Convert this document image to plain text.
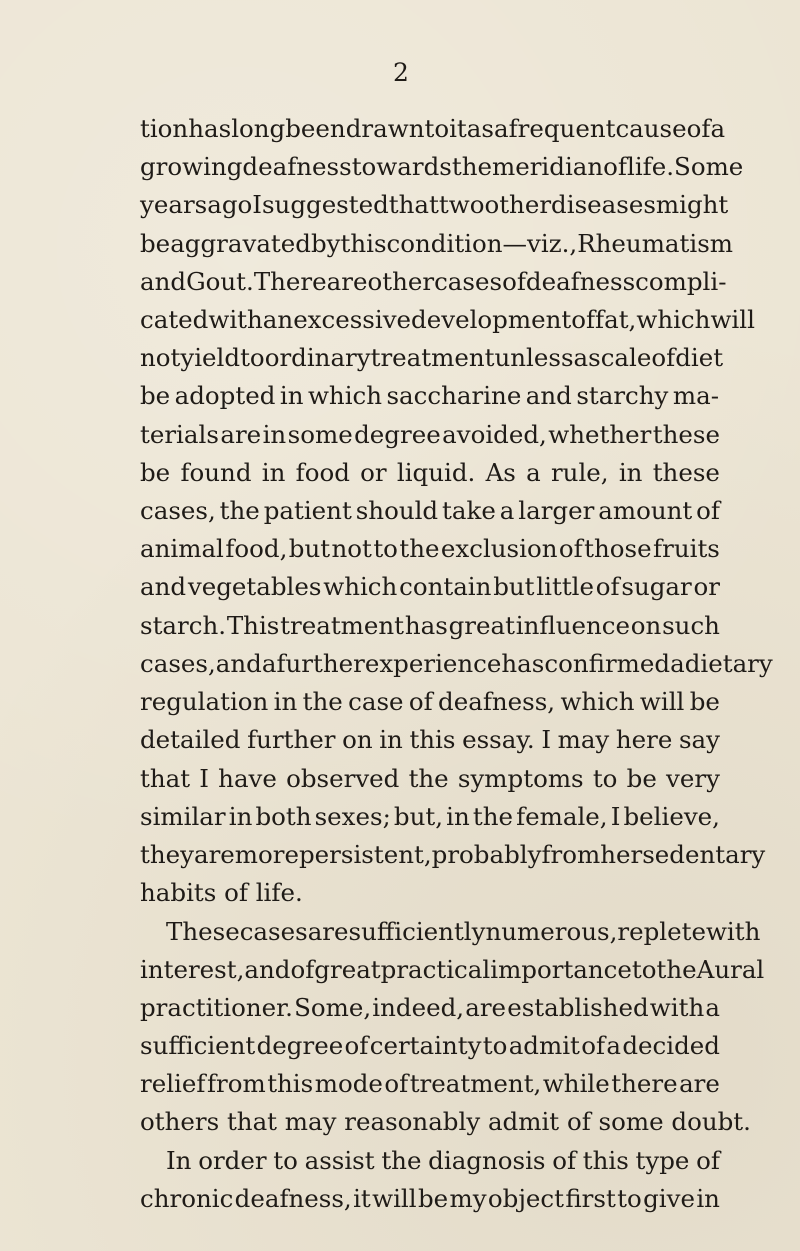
2
tion has long been drawn to it as a frequent cause of a
growing deafness towards the meridian of life. Some
years ago I suggested that two other diseases might
be aggravated by this condition—viz., Rheumatism
and Gout. There are other cases of deafness compli-
cated with an excessive development of fat, which will
not yield to ordinary treatment unless a scale of diet
be adopted in which saccharine and starchy ma-
terials are in some degree avoided, whether these
be found in food or liquid. As a rule, in these
cases, the patient should take a larger amount of
animal food, but not to the exclusion of those fruits
and vegetables which contain but little of sugar or
starch. This treatment has great influence on such
cases, and a further experience has confirmed a dietary
regulation in the case of deafness, which will be
detailed further on in this essay. I may here say
that I have observed the symptoms to be very
similar in both sexes; but, in the female, I believe,
they are more persistent, probably from her sedentary
habits of life.
These cases are sufficiently numerous, replete with
interest, and of great practical importance to the Aural
practitioner. Some, indeed, are established with a
sufficient degree of certainty to admit of a decided
relief from this mode of treatment, while there are
others that may reasonably admit of some doubt.
In order to assist the diagnosis of this type of
chronic deafness, it will be my object first to give in
